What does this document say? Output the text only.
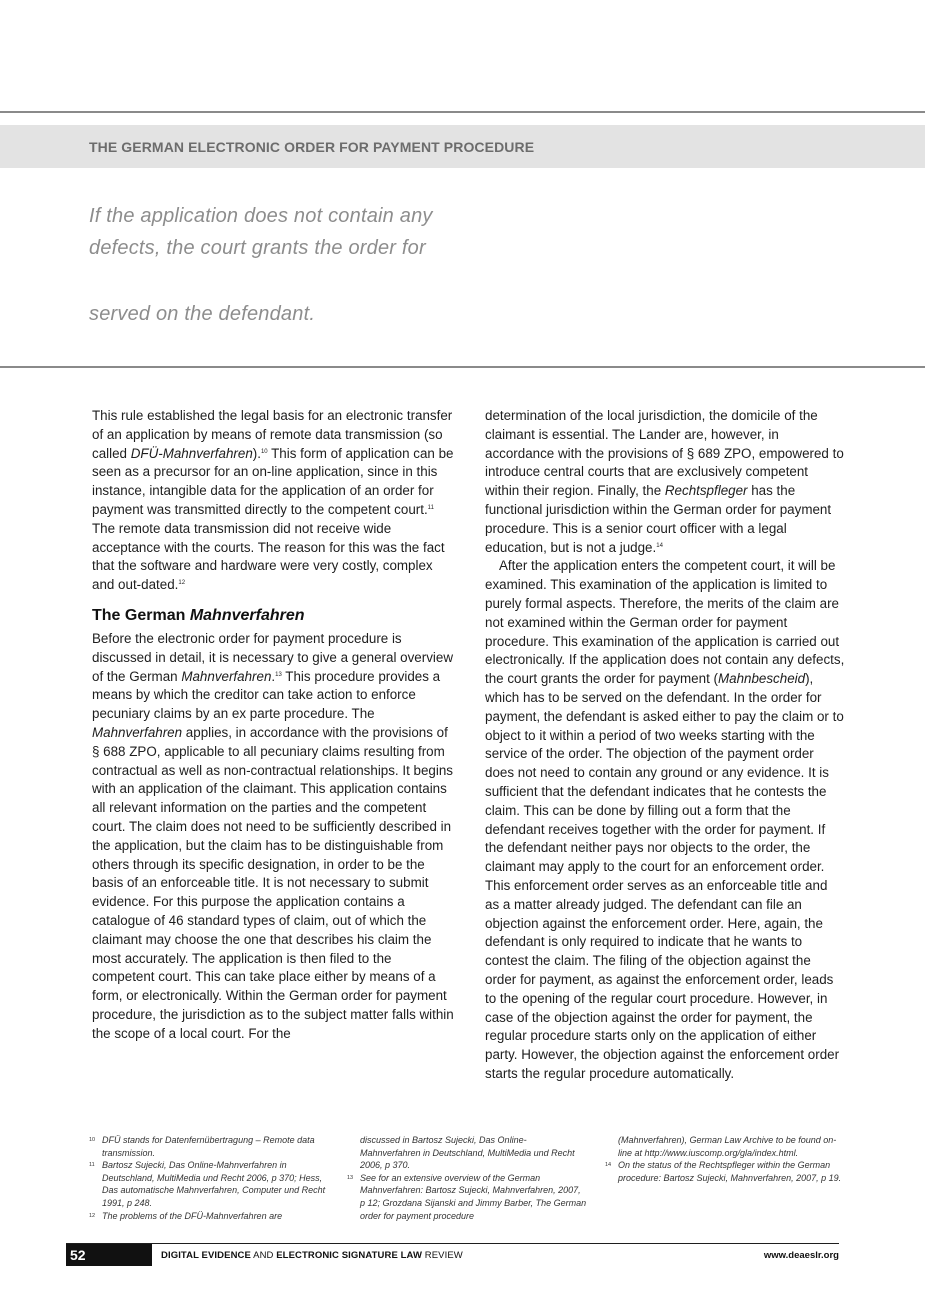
THE GERMAN ELECTRONIC ORDER FOR PAYMENT PROCEDURE
If the application does not contain any
defects, the court grants the order for
served on the defendant.

This rule established the legal basis for an electronic transfer of an application by means of remote data transmission (so called DFÜ-Mahnverfahren).$^{10}$ This form of application can be seen as a precursor for an on-line application, since in this instance, intangible data for the application of an order for payment was transmitted directly to the competent court.$^{11}$ The remote data transmission did not receive wide acceptance with the courts. The reason for this was the fact that the software and hardware were very costly, complex and out-dated.$^{12}$

The German Mahnverfahren

Before the electronic order for payment procedure is discussed in detail, it is necessary to give a general overview of the German Mahnverfahren.$^{13}$ This procedure provides a means by which the creditor can take action to enforce pecuniary claims by an ex parte procedure. The Mahnverfahren applies, in accordance with the provisions of § 688 ZPO, applicable to all pecuniary claims resulting from contractual as well as non-contractual relationships. It begins with an application of the claimant. This application contains all relevant information on the parties and the competent court. The claim does not need to be sufficiently described in the application, but the claim has to be distinguishable from others through its specific designation, in order to be the basis of an enforceable title. It is not necessary to submit evidence. For this purpose the application contains a catalogue of 46 standard types of claim, out of which the claimant may choose the one that describes his claim the most accurately. The application is then filed to the competent court. This can take place either by means of a form, or electronically. Within the German order for payment procedure, the jurisdiction as to the subject matter falls within the scope of a local court. For the

determination of the local jurisdiction, the domicile of the claimant is essential. The Lander are, however, in accordance with the provisions of § 689 ZPO, empowered to introduce central courts that are exclusively competent within their region. Finally, the Rechtspfleger has the functional jurisdiction within the German order for payment procedure. This is a senior court officer with a legal education, but is not a judge.$^{14}$

After the application enters the competent court, it will be examined. This examination of the application is limited to purely formal aspects. Therefore, the merits of the claim are not examined within the German order for payment procedure. This examination of the application is carried out electronically. If the application does not contain any defects, the court grants the order for payment (Mahnbescheid), which has to be served on the defendant. In the order for payment, the defendant is asked either to pay the claim or to object to it within a period of two weeks starting with the service of the order. The objection of the payment order does not need to contain any ground or any evidence. It is sufficient that the defendant indicates that he contests the claim. This can be done by filling out a form that the defendant receives together with the order for payment. If the defendant neither pays nor objects to the order, the claimant may apply to the court for an enforcement order. This enforcement order serves as an enforceable title and as a matter already judged. The defendant can file an objection against the enforcement order. Here, again, the defendant is only required to indicate that he wants to contest the claim. The filing of the objection against the order for payment, as against the enforcement order, leads to the opening of the regular court procedure. However, in case of the objection against the order for payment, the regular procedure starts only on the application of either party. However, the objection against the enforcement order starts the regular procedure automatically.

10 DFÜ stands for Datenfernübertragung – Remote data transmission.
11 Bartosz Sujecki, Das Online-Mahnverfahren in Deutschland, MultiMedia und Recht 2006, p 370; Hess, Das automatische Mahnverfahren, Computer und Recht 1991, p 248.
12 The problems of the DFÜ-Mahnverfahren are
discussed in Bartosz Sujecki, Das Online-Mahnverfahren in Deutschland, MultiMedia und Recht 2006, p 370.
13 See for an extensive overview of the German Mahnverfahren: Bartosz Sujecki, Mahnverfahren, 2007, p 12; Grozdana Sijanski and Jimmy Barber, The German order for payment procedure
(Mahnverfahren), German Law Archive to be found on-line at http://www.iuscomp.org/gla/index.html.
14 On the status of the Rechtspfleger within the German procedure: Bartosz Sujecki, Mahnverfahren, 2007, p 19.
52	DIGITAL EVIDENCE AND ELECTRONIC SIGNATURE LAW REVIEW	www.deaeslr.org
